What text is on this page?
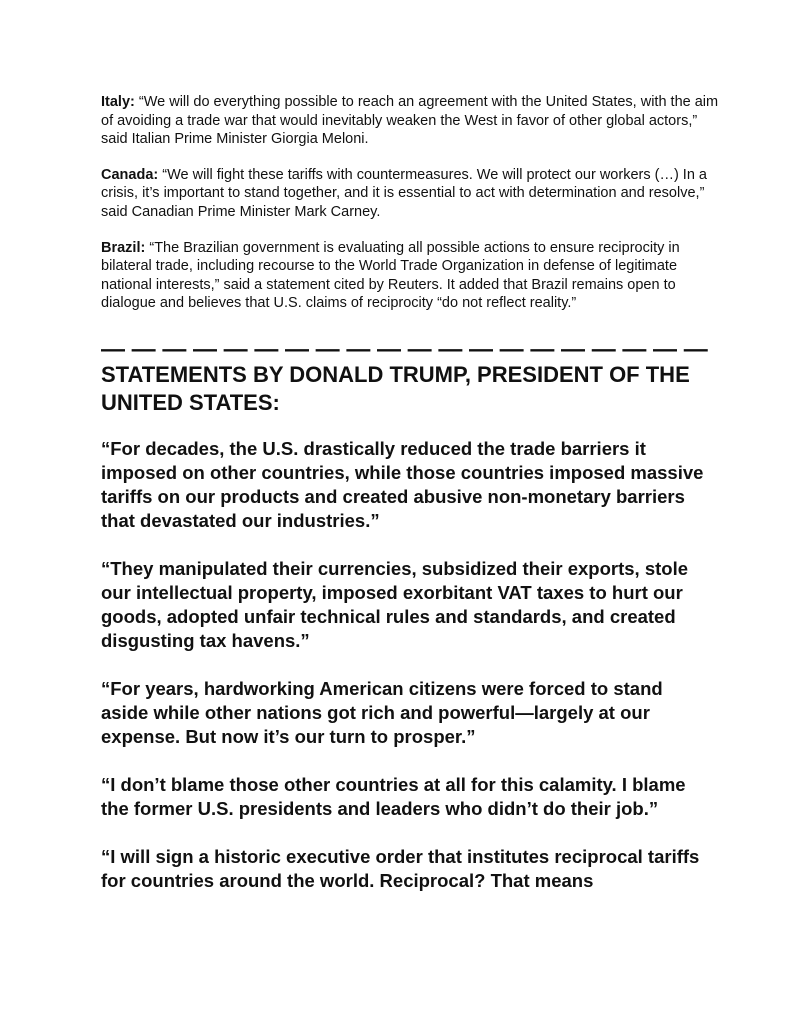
Italy: “We will do everything possible to reach an agreement with the United States, with the aim of avoiding a trade war that would inevitably weaken the West in favor of other global actors,” said Italian Prime Minister Giorgia Meloni.

Canada: “We will fight these tariffs with countermeasures. We will protect our workers (…) In a crisis, it’s important to stand together, and it is essential to act with determination and resolve,” said Canadian Prime Minister Mark Carney.

Brazil: “The Brazilian government is evaluating all possible actions to ensure reciprocity in bilateral trade, including recourse to the World Trade Organization in defense of legitimate national interests,” said a statement cited by Reuters. It added that Brazil remains open to dialogue and believes that U.S. claims of reciprocity “do not reflect reality.”

— — — — — — — — — — — — — — — — — — — —
STATEMENTS BY DONALD TRUMP, PRESIDENT OF THE UNITED STATES:

“For decades, the U.S. drastically reduced the trade barriers it imposed on other countries, while those countries imposed massive tariffs on our products and created abusive non-monetary barriers that devastated our industries.”

“They manipulated their currencies, subsidized their exports, stole our intellectual property, imposed exorbitant VAT taxes to hurt our goods, adopted unfair technical rules and standards, and created disgusting tax havens.”

“For years, hardworking American citizens were forced to stand aside while other nations got rich and powerful—largely at our expense. But now it’s our turn to prosper.”

“I don’t blame those other countries at all for this calamity. I blame the former U.S. presidents and leaders who didn’t do their job.”

“I will sign a historic executive order that institutes reciprocal tariffs for countries around the world. Reciprocal? That means
